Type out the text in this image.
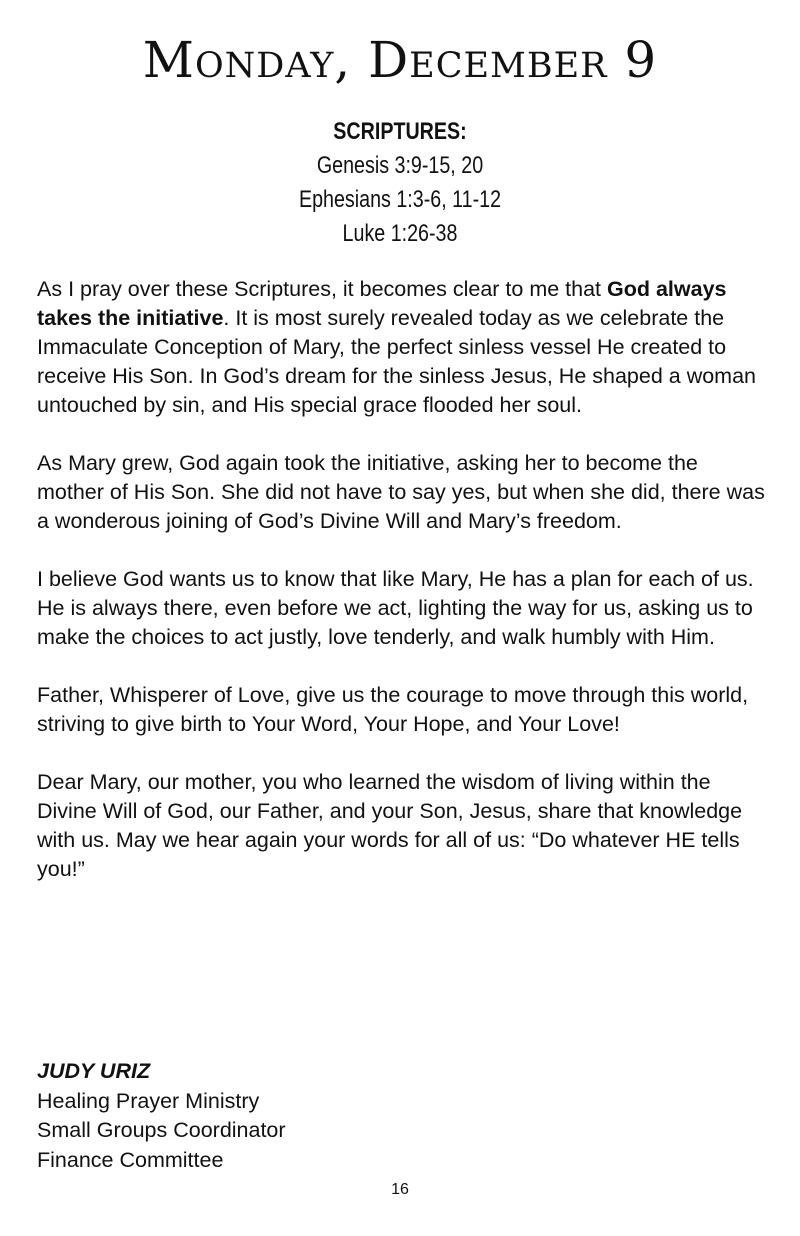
Monday, December 9
SCRIPTURES:
Genesis 3:9-15, 20
Ephesians 1:3-6, 11-12
Luke 1:26-38

As I pray over these Scriptures, it becomes clear to me that God always takes the initiative. It is most surely revealed today as we celebrate the Immaculate Conception of Mary, the perfect sinless vessel He created to receive His Son. In God’s dream for the sinless Jesus, He shaped a woman untouched by sin, and His special grace flooded her soul.

As Mary grew, God again took the initiative, asking her to become the mother of His Son. She did not have to say yes, but when she did, there was a wonderous joining of God’s Divine Will and Mary’s freedom.

I believe God wants us to know that like Mary, He has a plan for each of us. He is always there, even before we act, lighting the way for us, asking us to make the choices to act justly, love tenderly, and walk humbly with Him.

Father, Whisperer of Love, give us the courage to move through this world, striving to give birth to Your Word, Your Hope, and Your Love!

Dear Mary, our mother, you who learned the wisdom of living within the Divine Will of God, our Father, and your Son, Jesus, share that knowledge with us. May we hear again your words for all of us: “Do whatever HE tells you!”

JUDY URIZ
Healing Prayer Ministry
Small Groups Coordinator
Finance Committee
16
